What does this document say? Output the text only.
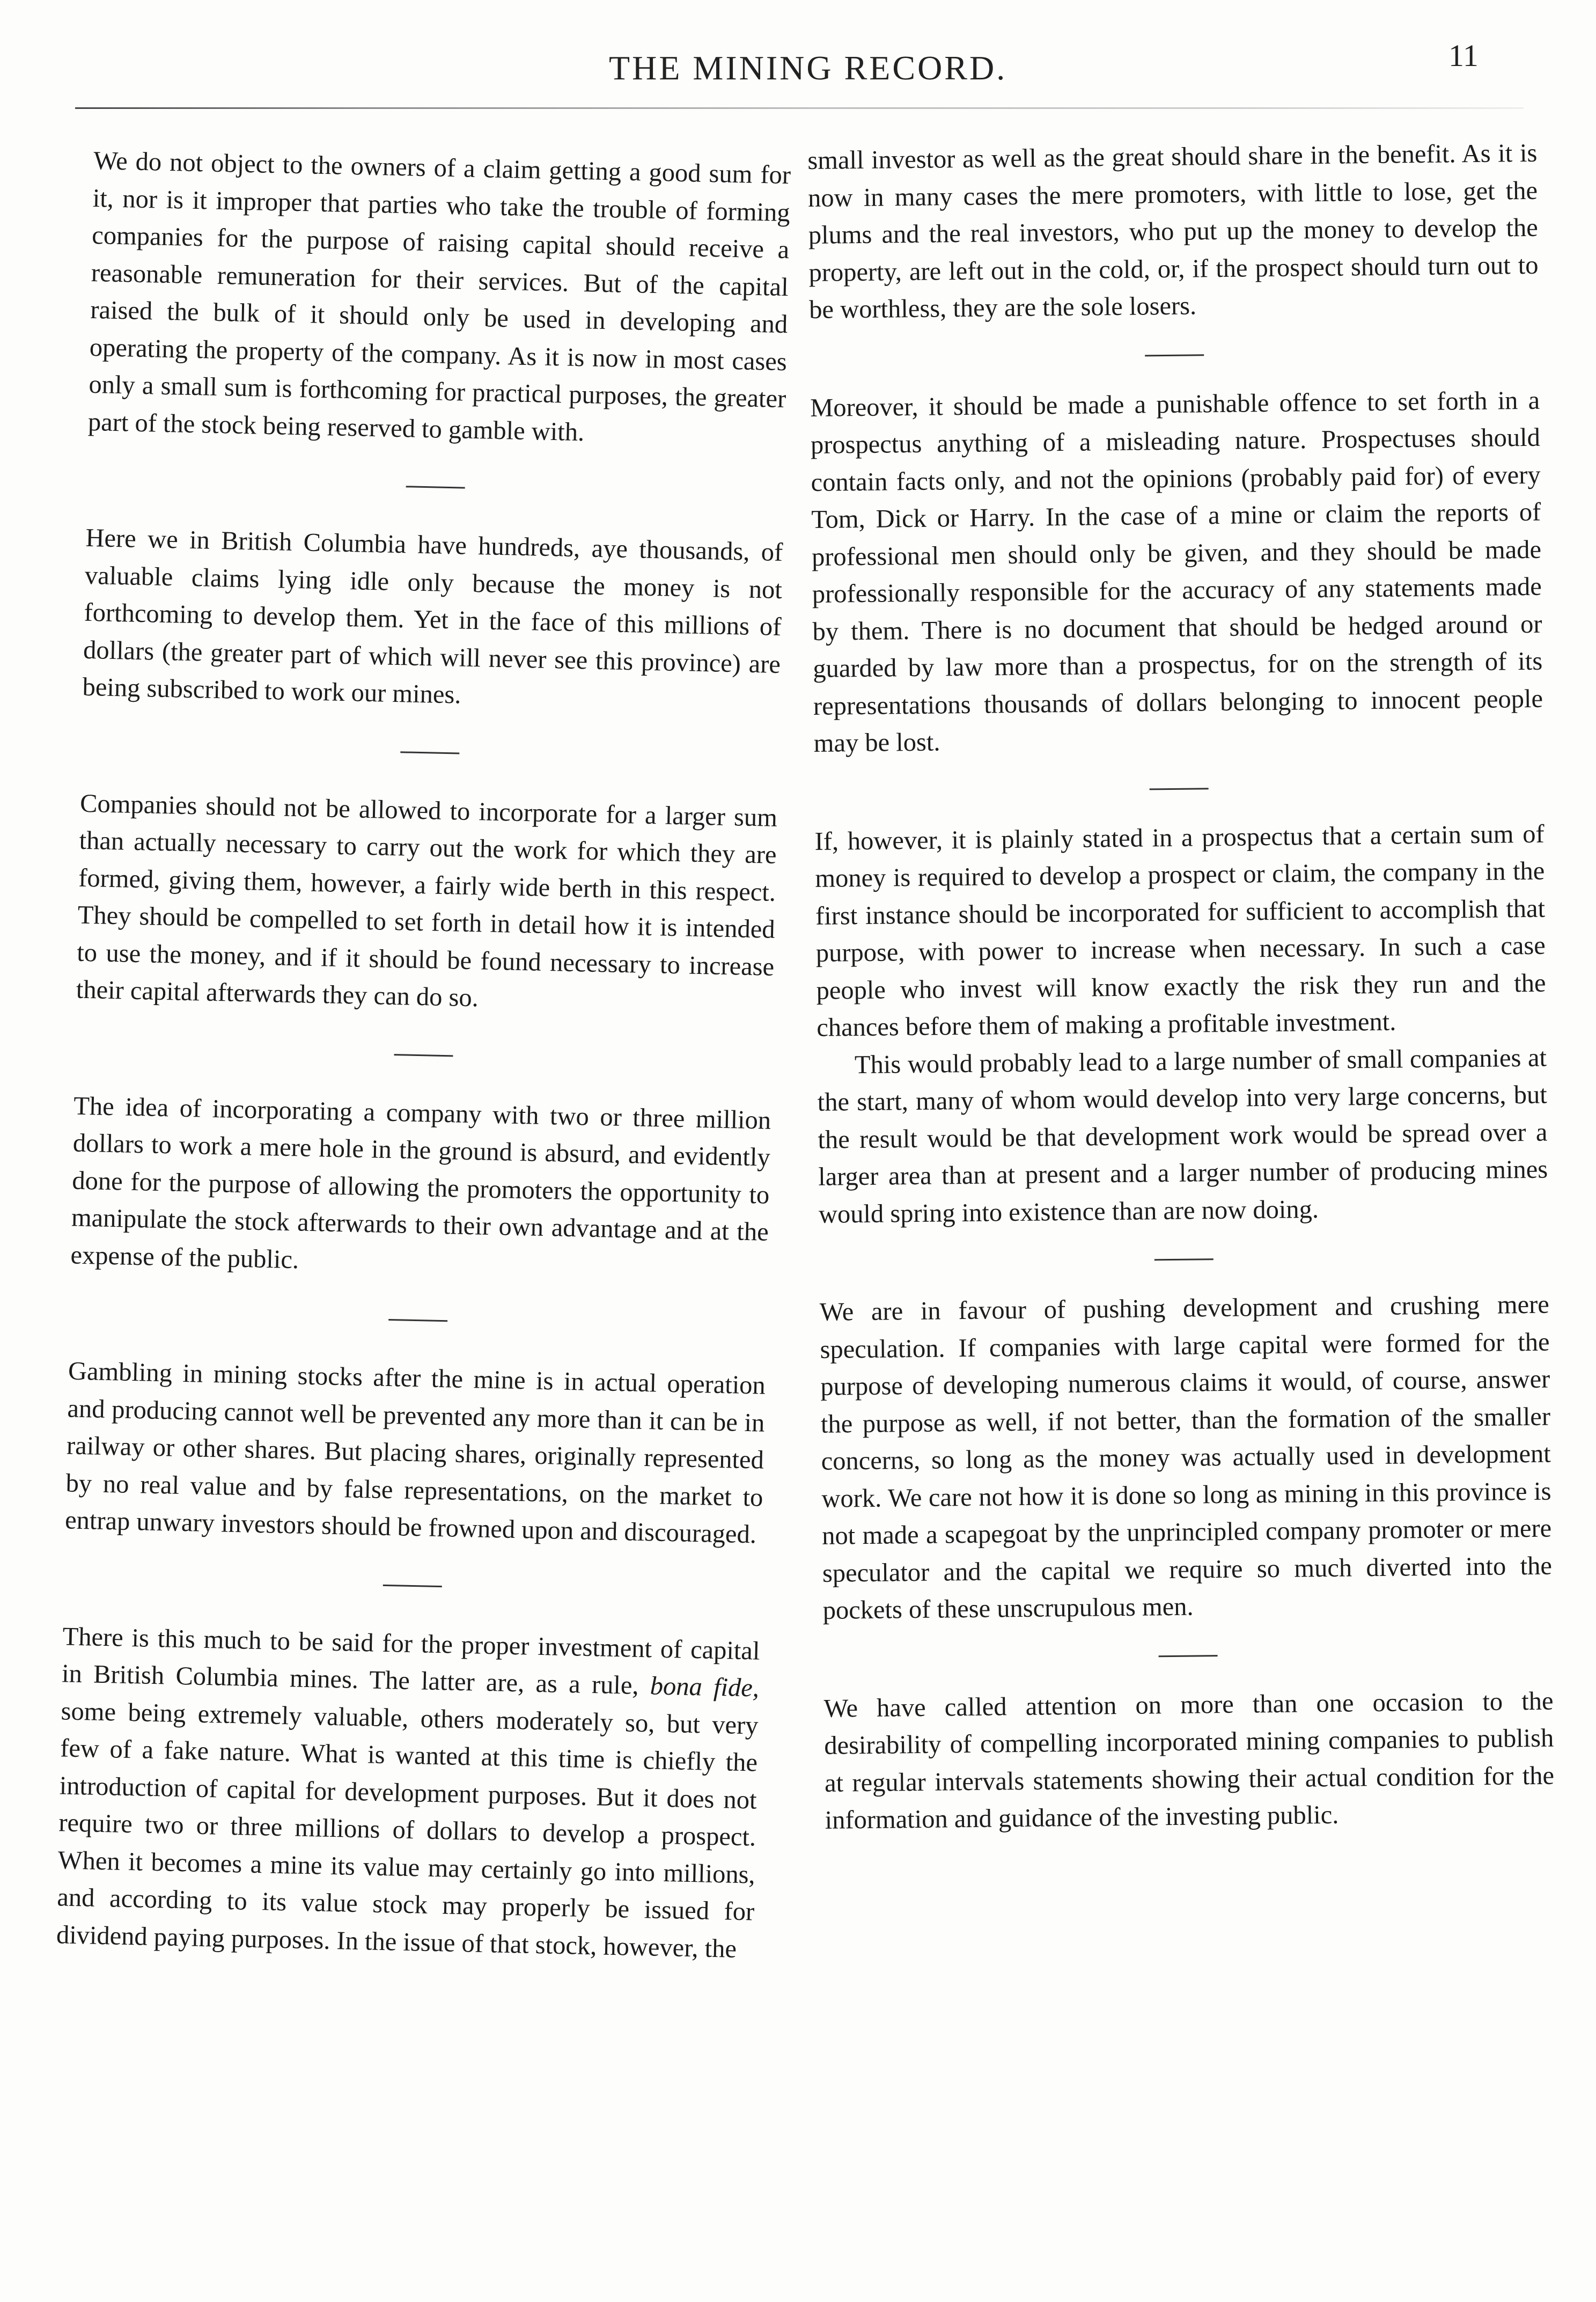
THE MINING RECORD.	11

We do not object to the owners of a claim getting a good sum for it, nor is it improper that parties who take the trouble of forming companies for the purpose of raising capital should receive a reasonable remuneration for their services. But of the capital raised the bulk of it should only be used in developing and operating the property of the company. As it is now in most cases only a small sum is forthcoming for practical purposes, the greater part of the stock being reserved to gamble with.

Here we in British Columbia have hundreds, aye thousands, of valuable claims lying idle only because the money is not forthcoming to develop them. Yet in the face of this millions of dollars (the greater part of which will never see this province) are being subscribed to work our mines.

Companies should not be allowed to incorporate for a larger sum than actually necessary to carry out the work for which they are formed, giving them, however, a fairly wide berth in this respect. They should be compelled to set forth in detail how it is intended to use the money, and if it should be found necessary to increase their capital afterwards they can do so.

The idea of incorporating a company with two or three million dollars to work a mere hole in the ground is absurd, and evidently done for the purpose of allowing the promoters the opportunity to manipulate the stock afterwards to their own advantage and at the expense of the public.

Gambling in mining stocks after the mine is in actual operation and producing cannot well be prevented any more than it can be in railway or other shares. But placing shares, originally represented by no real value and by false representations, on the market to entrap unwary investors should be frowned upon and discouraged.

There is this much to be said for the proper investment of capital in British Columbia mines. The latter are, as a rule, bona fide, some being extremely valuable, others moderately so, but very few of a fake nature. What is wanted at this time is chiefly the introduction of capital for development purposes. But it does not require two or three millions of dollars to develop a prospect. When it becomes a mine its value may certainly go into millions, and according to its value stock may properly be issued for dividend paying purposes. In the issue of that stock, however, the

small investor as well as the great should share in the benefit. As it is now in many cases the mere promoters, with little to lose, get the plums and the real investors, who put up the money to develop the property, are left out in the cold, or, if the prospect should turn out to be worthless, they are the sole losers.

Moreover, it should be made a punishable offence to set forth in a prospectus anything of a misleading nature. Prospectuses should contain facts only, and not the opinions (probably paid for) of every Tom, Dick or Harry. In the case of a mine or claim the reports of professional men should only be given, and they should be made professionally responsible for the accuracy of any statements made by them. There is no document that should be hedged around or guarded by law more than a prospectus, for on the strength of its representations thousands of dollars belonging to innocent people may be lost.

If, however, it is plainly stated in a prospectus that a certain sum of money is required to develop a prospect or claim, the company in the first instance should be incorporated for sufficient to accomplish that purpose, with power to increase when necessary. In such a case people who invest will know exactly the risk they run and the chances before them of making a profitable investment.

This would probably lead to a large number of small companies at the start, many of whom would develop into very large concerns, but the result would be that development work would be spread over a larger area than at present and a larger number of producing mines would spring into existence than are now doing.

We are in favour of pushing development and crushing mere speculation. If companies with large capital were formed for the purpose of developing numerous claims it would, of course, answer the purpose as well, if not better, than the formation of the smaller concerns, so long as the money was actually used in development work. We care not how it is done so long as mining in this province is not made a scapegoat by the unprincipled company promoter or mere speculator and the capital we require so much diverted into the pockets of these unscrupulous men.

We have called attention on more than one occasion to the desirability of compelling incorporated mining companies to publish at regular intervals statements showing their actual condition for the information and guidance of the investing public.
